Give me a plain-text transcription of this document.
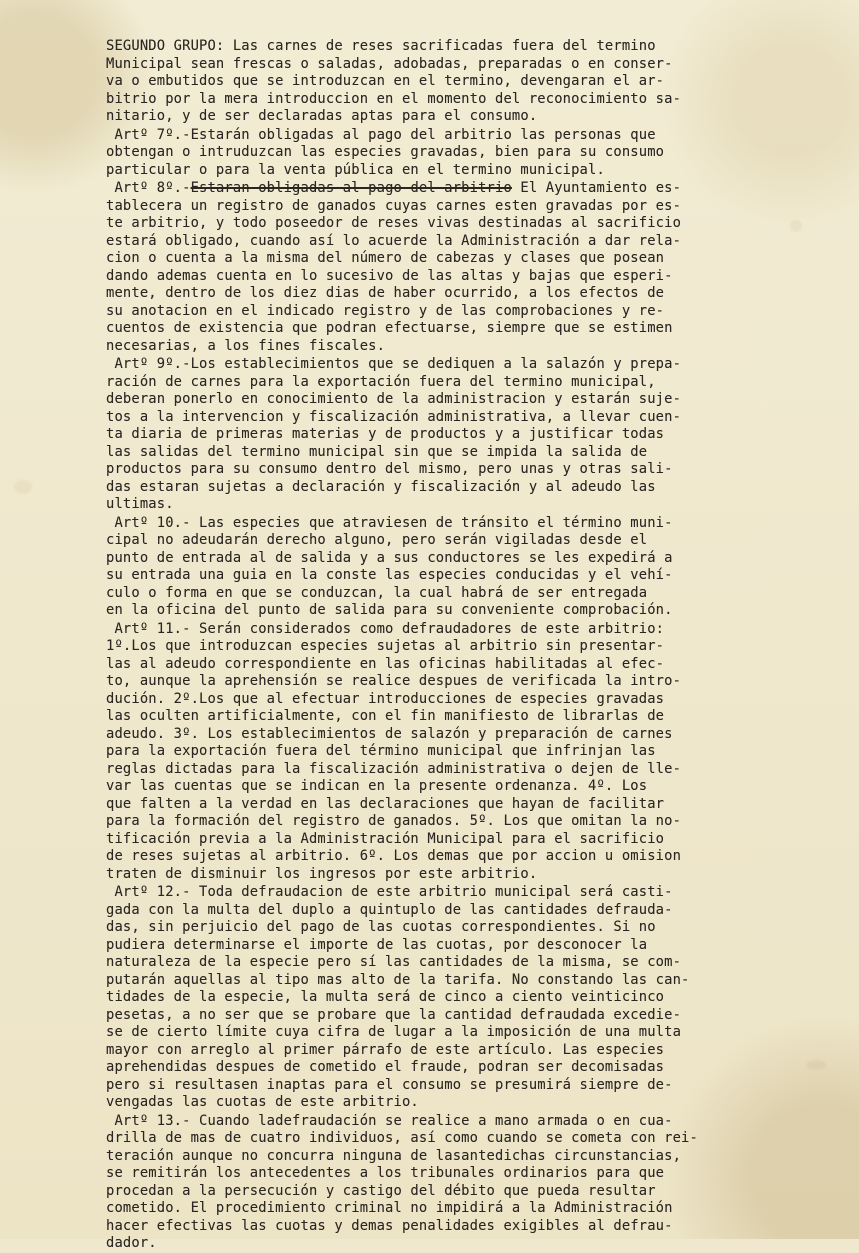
SEGUNDO GRUPO: Las carnes de reses sacrificadas fuera del termino
Municipal sean frescas o saladas, adobadas, preparadas o en conser-
va o embutidos que se introduzcan en el termino, devengaran el ar-
bitrio por la mera introduccion en el momento del reconocimiento sa-
nitario, y de ser declaradas aptas para el consumo.
Artº 7º.-Estarán obligadas al pago del arbitrio las personas que
obtengan o intruduzcan las especies gravadas, bien para su consumo
particular o para la venta pública en el termino municipal.
Artº 8º.-Estaran obligadas al pago del arbitrio El Ayuntamiento es-
tablecera un registro de ganados cuyas carnes esten gravadas por es-
te arbitrio, y todo poseedor de reses vivas destinadas al sacrificio
estará obligado, cuando así lo acuerde la Administración a dar rela-
cion o cuenta a la misma del número de cabezas y clases que posean
dando ademas cuenta en lo sucesivo de las altas y bajas que esperi-
mente, dentro de los diez dias de haber ocurrido, a los efectos de
su anotacion en el indicado registro y de las comprobaciones y re-
cuentos de existencia que podran efectuarse, siempre que se estimen
necesarias, a los fines fiscales.
Artº 9º.-Los establecimientos que se dediquen a la salazón y prepa-
ración de carnes para la exportación fuera del termino municipal,
deberan ponerlo en conocimiento de la administracion y estarán suje-
tos a la intervencion y fiscalización administrativa, a llevar cuen-
ta diaria de primeras materias y de productos y a justificar todas
las salidas del termino municipal sin que se impida la salida de
productos para su consumo dentro del mismo, pero unas y otras sali-
das estaran sujetas a declaración y fiscalización y al adeudo las
ultimas.
Artº 10.- Las especies que atraviesen de tránsito el término muni-
cipal no adeudarán derecho alguno, pero serán vigiladas desde el
punto de entrada al de salida y a sus conductores se les expedirá a
su entrada una guia en la conste las especies conducidas y el vehí-
culo o forma en que se conduzcan, la cual habrá de ser entregada
en la oficina del punto de salida para su conveniente comprobación.
Artº 11.- Serán considerados como defraudadores de este arbitrio:
1º.Los que introduzcan especies sujetas al arbitrio sin presentar-
las al adeudo correspondiente en las oficinas habilitadas al efec-
to, aunque la aprehensión se realice despues de verificada la intro-
dución. 2º.Los que al efectuar introducciones de especies gravadas
las oculten artificialmente, con el fin manifiesto de librarlas de
adeudo. 3º. Los establecimientos de salazón y preparación de carnes
para la exportación fuera del término municipal que infrinjan las
reglas dictadas para la fiscalización administrativa o dejen de lle-
var las cuentas que se indican en la presente ordenanza. 4º. Los
que falten a la verdad en las declaraciones que hayan de facilitar
para la formación del registro de ganados. 5º. Los que omitan la no-
tificación previa a la Administración Municipal para el sacrificio
de reses sujetas al arbitrio. 6º. Los demas que por accion u omision
traten de disminuir los ingresos por este arbitrio.
Artº 12.- Toda defraudacion de este arbitrio municipal será casti-
gada con la multa del duplo a quintuplo de las cantidades defrauda-
das, sin perjuicio del pago de las cuotas correspondientes. Si no
pudiera determinarse el importe de las cuotas, por desconocer la
naturaleza de la especie pero sí las cantidades de la misma, se com-
putarán aquellas al tipo mas alto de la tarifa. No constando las can-
tidades de la especie, la multa será de cinco a ciento veinticinco
pesetas, a no ser que se probare que la cantidad defraudada excedie-
se de cierto límite cuya cifra de lugar a la imposición de una multa
mayor con arreglo al primer párrafo de este artículo. Las especies
aprehendidas despues de cometido el fraude, podran ser decomisadas
pero si resultasen inaptas para el consumo se presumirá siempre de-
vengadas las cuotas de este arbitrio.
Artº 13.- Cuando ladefraudación se realice a mano armada o en cua-
drilla de mas de cuatro individuos, así como cuando se cometa con rei-
teración aunque no concurra ninguna de lasantedichas circunstancias,
se remitirán los antecedentes a los tribunales ordinarios para que
procedan a la persecución y castigo del débito que pueda resultar
cometido. El procedimiento criminal no impidirá a la Administración
hacer efectivas las cuotas y demas penalidades exigibles al defrau-
dador.
